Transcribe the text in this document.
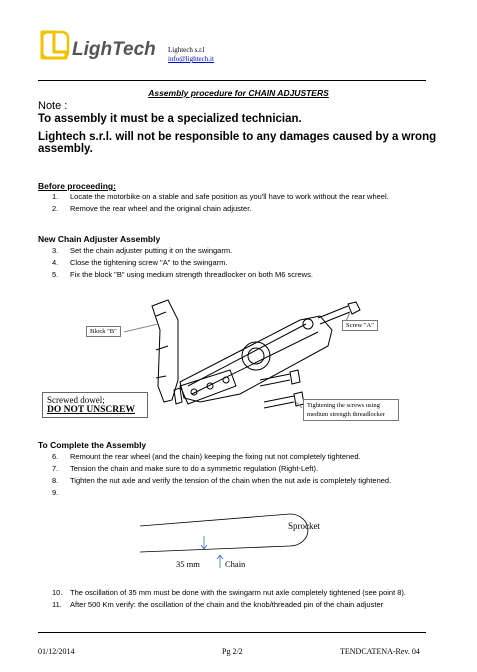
LighTech Lightech s.r.l
info@lightech.it
Assembly procedure for CHAIN ADJUSTERS
Note :
To assembly it must be a specialized technician.
Lightech s.r.l. will not be responsible to any damages caused by a wrong assembly.
Before proceeding:
1. Locate the motorbike on a stable and safe position as you'll have to work without the rear wheel.
2. Remove the rear wheel and the original chain adjuster.
New Chain Adjuster Assembly
3. Set the chain adjuster putting it on the swingarm.
4. Close the tightening screw "A" to the swingarm.
5. Fix the block "B" using medium strength threadlocker on both M6 screws.
Block "B"
Screw "A"
Screwed dowel;
DO NOT UNSCREW	Tightening the screws using medium strength threadlocker
To Complete the Assembly
6. Remount the rear wheel (and the chain) keeping the fixing nut not completely tightened.
7. Tension the chain and make sure to do a symmetric regulation (Right-Left).
8. Tighten the nut axle and verify the tension of the chain when the nut axle is completely tightened.
9.
Sprocket
35 mm	Chain
10. The oscillation of 35 mm must be done with the swingarm nut axle completely tightened (see point 8).
11. After 500 Km verify: the oscillation of the chain and the knob/threaded pin of the chain adjuster
01/12/2014	Pg 2/2	TENDCATENA-Rev. 04
